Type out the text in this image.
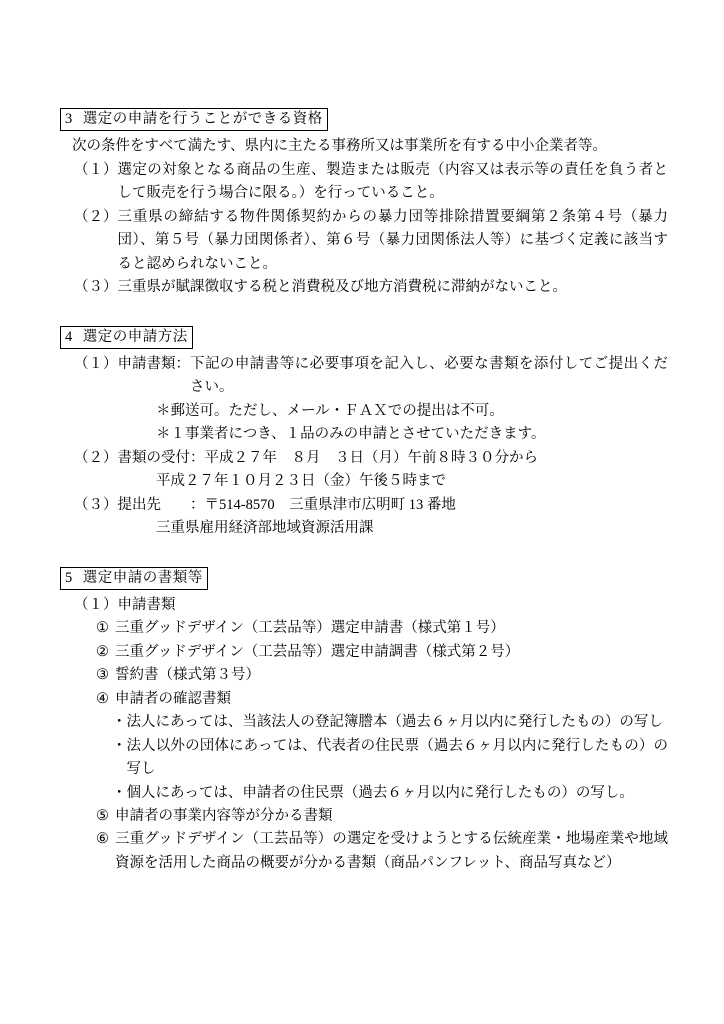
3 選定の申請を行うことができる資格
次の条件をすべて満たす、県内に主たる事務所又は事業所を有する中小企業者等。
（１） 選定の対象となる商品の生産、製造または販売（内容又は表示等の責任を負う者として販売を行う場合に限る。）を行っていること。
（２） 三重県の締結する物件関係契約からの暴力団等排除措置要綱第２条第４号（暴力団）、第５号（暴力団関係者）、第６号（暴力団関係法人等）に基づく定義に該当すると認められないこと。
（３） 三重県が賦課徴収する税と消費税及び地方消費税に滞納がないこと。
4 選定の申請方法
（１） 申請書類： 下記の申請書等に必要事項を記入し、必要な書類を添付してご提出ください。
＊郵送可。ただし、メール・ＦＡＸでの提出は不可。
＊１事業者につき、１品のみの申請とさせていただきます。
（２） 書類の受付： 平成２７年　８月　３日（月）午前８時３０分から
平成２７年１０月２３日（金）午後５時まで
（３） 提出先　　： 〒514-8570　三重県津市広明町 13 番地
三重県雇用経済部地域資源活用課
5 選定申請の書類等
（１） 申請書類
① 三重グッドデザイン（工芸品等）選定申請書（様式第１号）
② 三重グッドデザイン（工芸品等）選定申請調書（様式第２号）
③ 誓約書（様式第３号）
④ 申請者の確認書類
・ 法人にあっては、当該法人の登記簿謄本（過去６ヶ月以内に発行したもの）の写し
・ 法人以外の団体にあっては、代表者の住民票（過去６ヶ月以内に発行したもの）の写し
・ 個人にあっては、申請者の住民票（過去６ヶ月以内に発行したもの）の写し。
⑤ 申請者の事業内容等が分かる書類
⑥ 三重グッドデザイン（工芸品等）の選定を受けようとする伝統産業・地場産業や地域資源を活用した商品の概要が分かる書類（商品パンフレット、商品写真など）
